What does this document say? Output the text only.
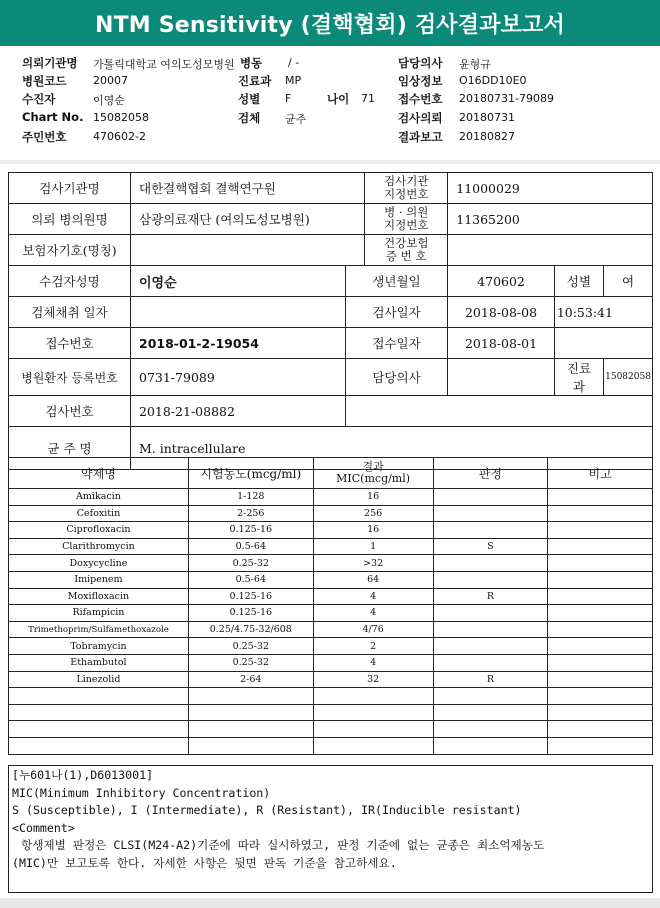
NTM Sensitivity (결핵협회) 검사결과보고서
의뢰기관명 가톨릭대학교 여의도성모병원 병동 / -	담당의사 윤형규
병원코드 20007	진료과 MP	임상정보 O16DD10E0
수진자	이영순	성별 F	나이 71 접수번호 20180731-79089
Chart No. 15082058	검체 균주	검사의뢰 20180731
주민번호 470602-2	결과보고 20180827
검사기관명	대한결핵협회 결핵연구원		검사기관
지정번호	11000029		
의뢰 병의원명	삼광의료재단 (여의도성모병원)		병 · 의원
지정번호	11365200		
보험자기호(명칭)			건강보험
증 번 호			

수검자성명	이영순	생년월일		470602	성별	여
검체채취 일자		검사일자		2018-08-08	10:53:41	
접수번호	2018-01-2-19054	접수일자		2018-08-01		
병원환자 등록번호	0731-79089	담당의사			진료과	15082058
검사번호	2018-21-08882					
균 주 명	M. intracellulare					
약제명	시험농도(mcg/ml)	결과
MIC(mcg/ml)	판정	비고
Amikacin	1-128	16		
Cefoxitin	2-256	256		
Ciprofloxacin	0.125-16	16		
Clarithromycin	0.5-64	1	S	
Doxycycline	0.25-32	>32		
Imipenem	0.5-64	64		
Moxifloxacin	0.125-16	4	R	
Rifampicin	0.125-16	4		
Trimethoprim/Sulfamethoxazole	0.25/4.75-32/608	4/76		
Tobramycin	0.25-32	2		
Ethambutol	0.25-32	4		
Linezolid	2-64	32	R	

[누601나(1),D6013001]
MIC(Minimum Inhibitory Concentration)
S (Susceptible), I (Intermediate), R (Resistant), IR(Inducible resistant)
<Comment>
항생제별 판정은 CLSI(M24-A2)기준에 따라 실시하였고, 판정 기준에 없는 균종은 최소억제농도
(MIC)만 보고토록 한다. 자세한 사항은 뒷면 판독 기준을 참고하세요.
